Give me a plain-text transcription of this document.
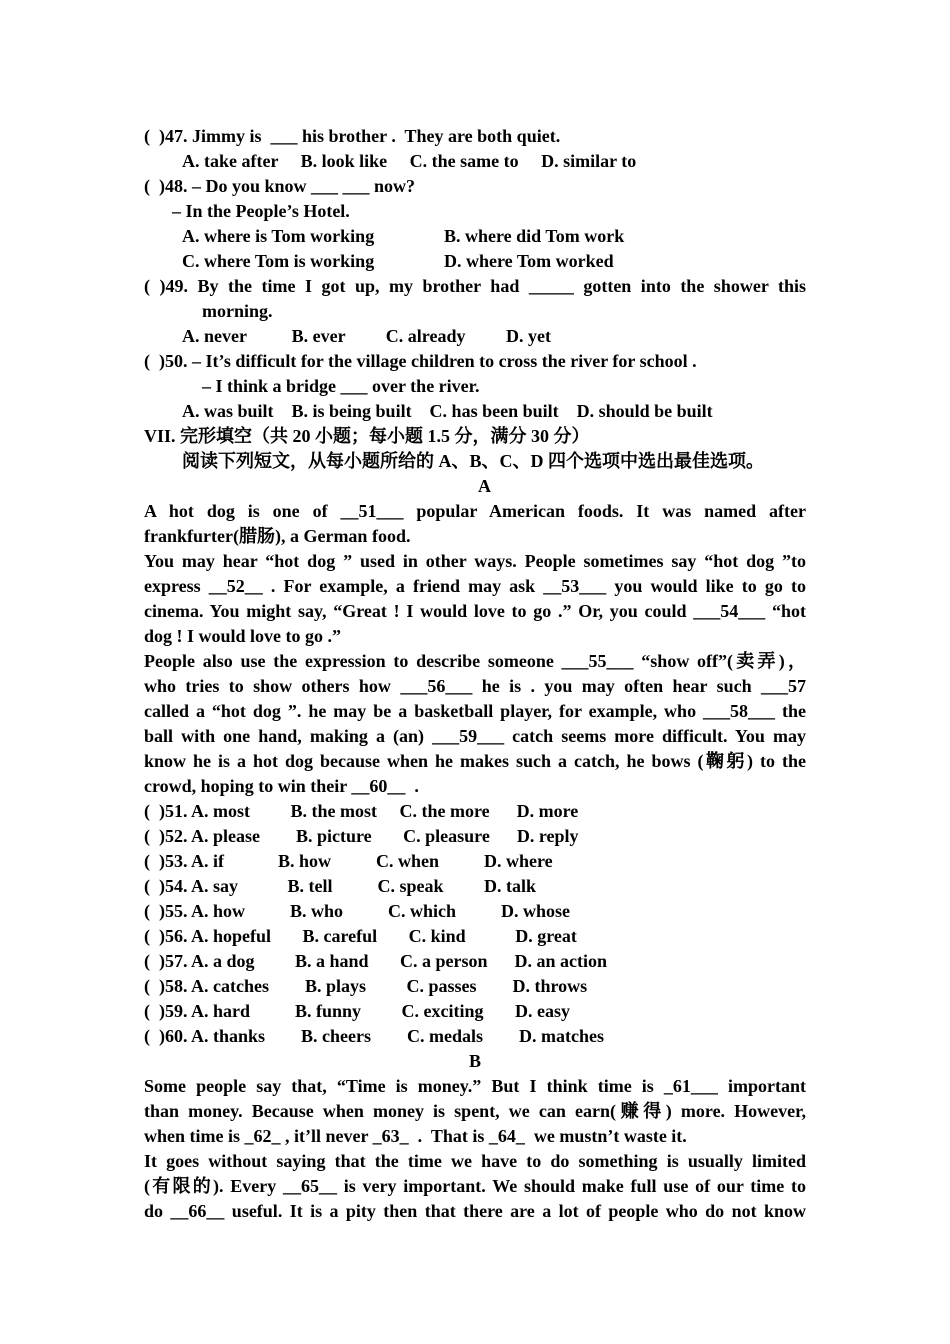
(  )47. Jimmy is  ___ his brother .  They are both quiet.
A. take after     B. look like     C. the same to     D. similar to
(  )48. – Do you know ___ ___ now?
– In the People’s Hotel.
A. where is Tom working	B. where did Tom work
C. where Tom is working	D. where Tom worked
( )49. By the time I got up, my brother had _____ gotten into the shower this
morning.
A. never          B. ever         C. already         D. yet
(  )50. – It’s difficult for the village children to cross the river for school .
– I think a bridge ___ over the river.
A. was built    B. is being built    C. has been built    D. should be built
VII. 完形填空（共 20 小题；每小题 1.5 分，满分 30 分）
阅读下列短文，从每小题所给的 A、B、C、D 四个选项中选出最佳选项。
A
A hot dog is one of __51___ popular American foods. It was named after
frankfurter(腊肠), a German food.
You may hear “hot dog ” used in other ways. People sometimes say “hot dog ”to
express __52__ . For example, a friend may ask __53___ you would like to go to
cinema. You might say, “Great ! I would love to go .” Or, you could ___54___ “hot
dog ! I would love to go .”
People also use the expression to describe someone ___55___ “show off”(卖弄)，
who tries to show others how ___56___ he is . you may often hear such ___57
called a “hot dog ”. he may be a basketball player, for example, who ___58___ the
ball with one hand, making a (an) ___59___ catch seems more difficult. You may
know he is a hot dog because when he makes such a catch, he bows (鞠躬) to the
crowd, hoping to win their __60__  .
(  )51. A. most         B. the most     C. the more      D. more
(  )52. A. please        B. picture       C. pleasure      D. reply
(  )53. A. if            B. how          C. when          D. where
(  )54. A. say           B. tell          C. speak         D. talk
(  )55. A. how          B. who          C. which          D. whose
(  )56. A. hopeful       B. careful       C. kind           D. great
(  )57. A. a dog         B. a hand       C. a person      D. an action
(  )58. A. catches        B. plays         C. passes        D. throws
(  )59. A. hard          B. funny         C. exciting       D. easy
(  )60. A. thanks        B. cheers        C. medals        D. matches
B
Some people say that, “Time is money.” But I think time is _61___ important
than money. Because when money is spent, we can earn(赚得) more. However,
when time is _62_ , it’ll never _63_  .  That is _64_  we mustn’t waste it.
It goes without saying that the time we have to do something is usually limited
(有限的). Every __65__ is very important. We should make full use of our time to
do __66__ useful. It is a pity then that there are a lot of people who do not know
